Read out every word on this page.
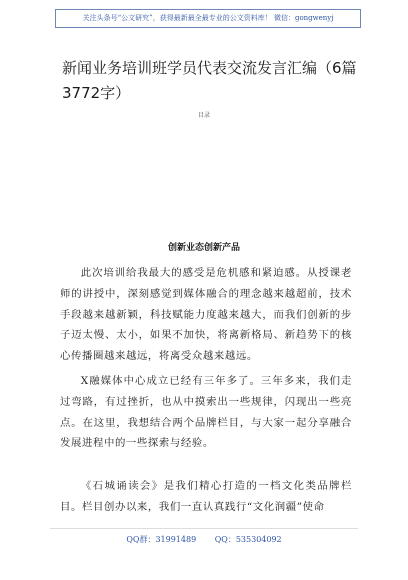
关注头条号“公文研究”，获得最新最全最专业的公文资料库！ 微信：gongwenyj
新闻业务培训班学员代表交流发言汇编（6篇3772字）
目录
创新业态创新产品

此次培训给我最大的感受是危机感和紧迫感。从授课老师的讲授中，深刻感觉到媒体融合的理念越来越超前，技术手段越来越新颖，科技赋能力度越来越大，而我们创新的步子迈太慢、太小，如果不加快，将离新格局、新趋势下的核心传播圈越来越远，将离受众越来越远。

X融媒体中心成立已经有三年多了。三年多来，我们走过弯路，有过挫折，也从中摸索出一些规律，闪现出一些亮点。在这里，我想结合两个品牌栏目，与大家一起分享融合发展进程中的一些探索与经验。

《石城诵读会》是我们精心打造的一档文化类品牌栏目。栏目创办以来，我们一直认真践行“文化润疆”使命

QQ群：31991489 QQ：535304092
